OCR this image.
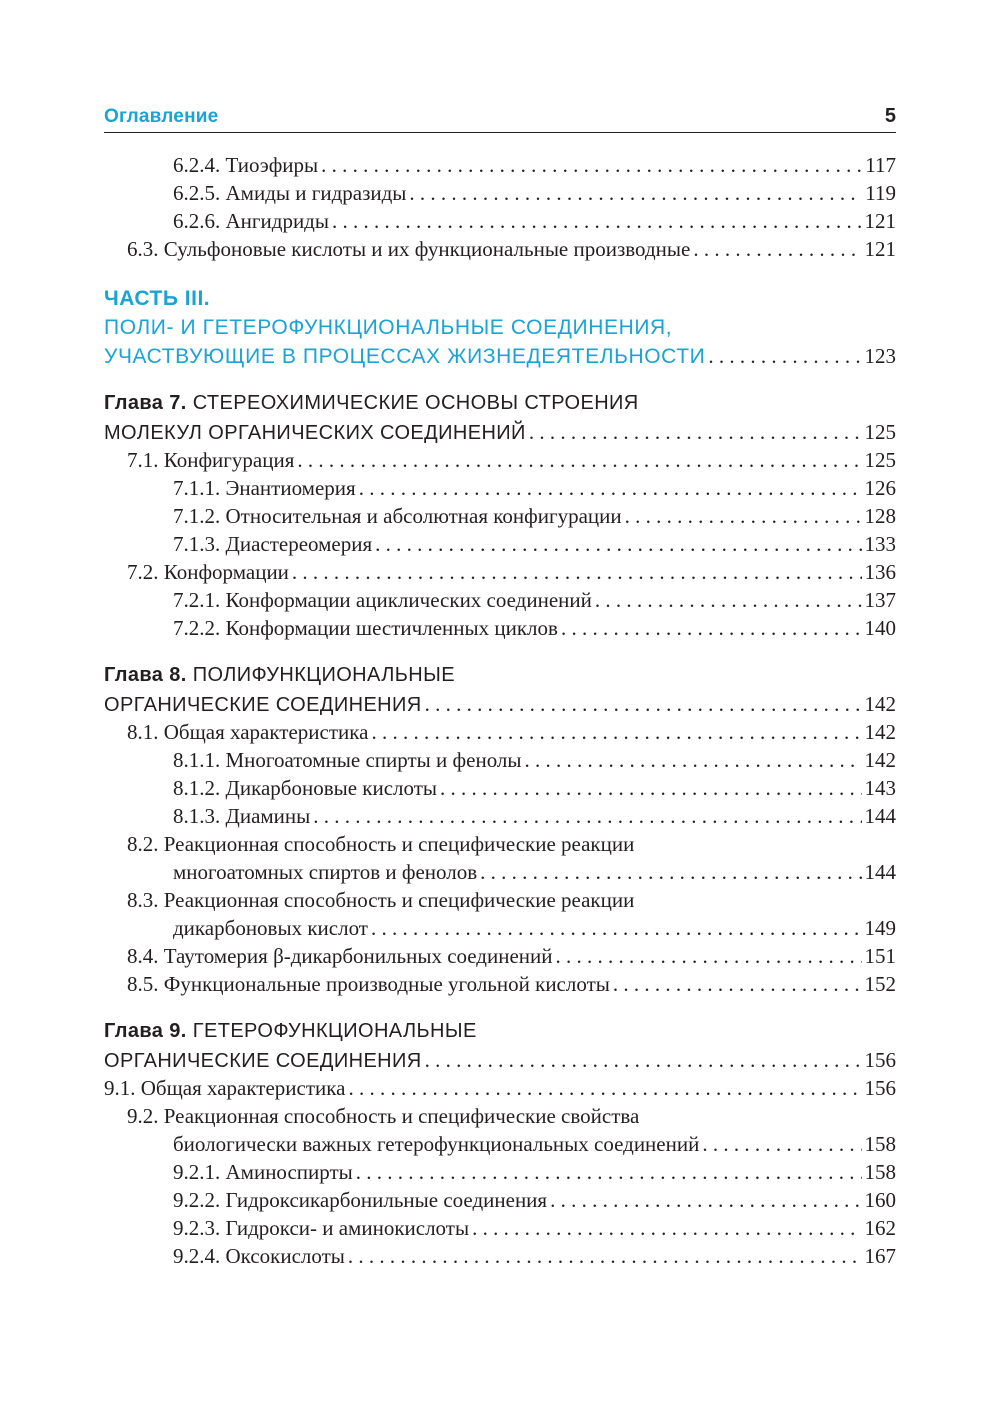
Оглавление	5
6.2.4. Тиоэфиры . . .	117
6.2.5. Амиды и гидразиды . . .	119
6.2.6. Ангидриды . . .	121
6.3. Сульфоновые кислоты и их функциональные производные . . .	121
ЧАСТЬ III.
ПОЛИ- И ГЕТЕРОФУНКЦИОНАЛЬНЫЕ СОЕДИНЕНИЯ,
УЧАСТВУЮЩИЕ В ПРОЦЕССАХ ЖИЗНЕДЕЯТЕЛЬНОСТИ . . .	123
Глава 7. СТЕРЕОХИМИЧЕСКИЕ ОСНОВЫ СТРОЕНИЯ
МОЛЕКУЛ ОРГАНИЧЕСКИХ СОЕДИНЕНИЙ . . .	125
7.1. Конфигурация . . .	125
7.1.1. Энантиомерия . . .	126
7.1.2. Относительная и абсолютная конфигурации . . .	128
7.1.3. Диастереомерия . . .	133
7.2. Конформации . . .	136
7.2.1. Конформации ациклических соединений . . .	137
7.2.2. Конформации шестичленных циклов . . .	140
Глава 8. ПОЛИФУНКЦИОНАЛЬНЫЕ
ОРГАНИЧЕСКИЕ СОЕДИНЕНИЯ . . .	142
8.1. Общая характеристика . . .	142
8.1.1. Многоатомные спирты и фенолы . . .	142
8.1.2. Дикарбоновые кислоты . . .	143
8.1.3. Диамины . . .	144
8.2. Реакционная способность и специфические реакции
многоатомных спиртов и фенолов . . .	144
8.3. Реакционная способность и специфические реакции
дикарбоновых кислот . . .	149
8.4. Таутомерия β-дикарбонильных соединений . . .	151
8.5. Функциональные производные угольной кислоты . . .	152
Глава 9. ГЕТЕРОФУНКЦИОНАЛЬНЫЕ
ОРГАНИЧЕСКИЕ СОЕДИНЕНИЯ . . .	156
9.1. Общая характеристика . . .	156
9.2. Реакционная способность и специфические свойства
биологически важных гетерофункциональных соединений . . .	158
9.2.1. Аминоспирты . . .	158
9.2.2. Гидроксикарбонильные соединения . . .	160
9.2.3. Гидрокси- и аминокислоты . . .	162
9.2.4. Оксокислоты . . .	167
